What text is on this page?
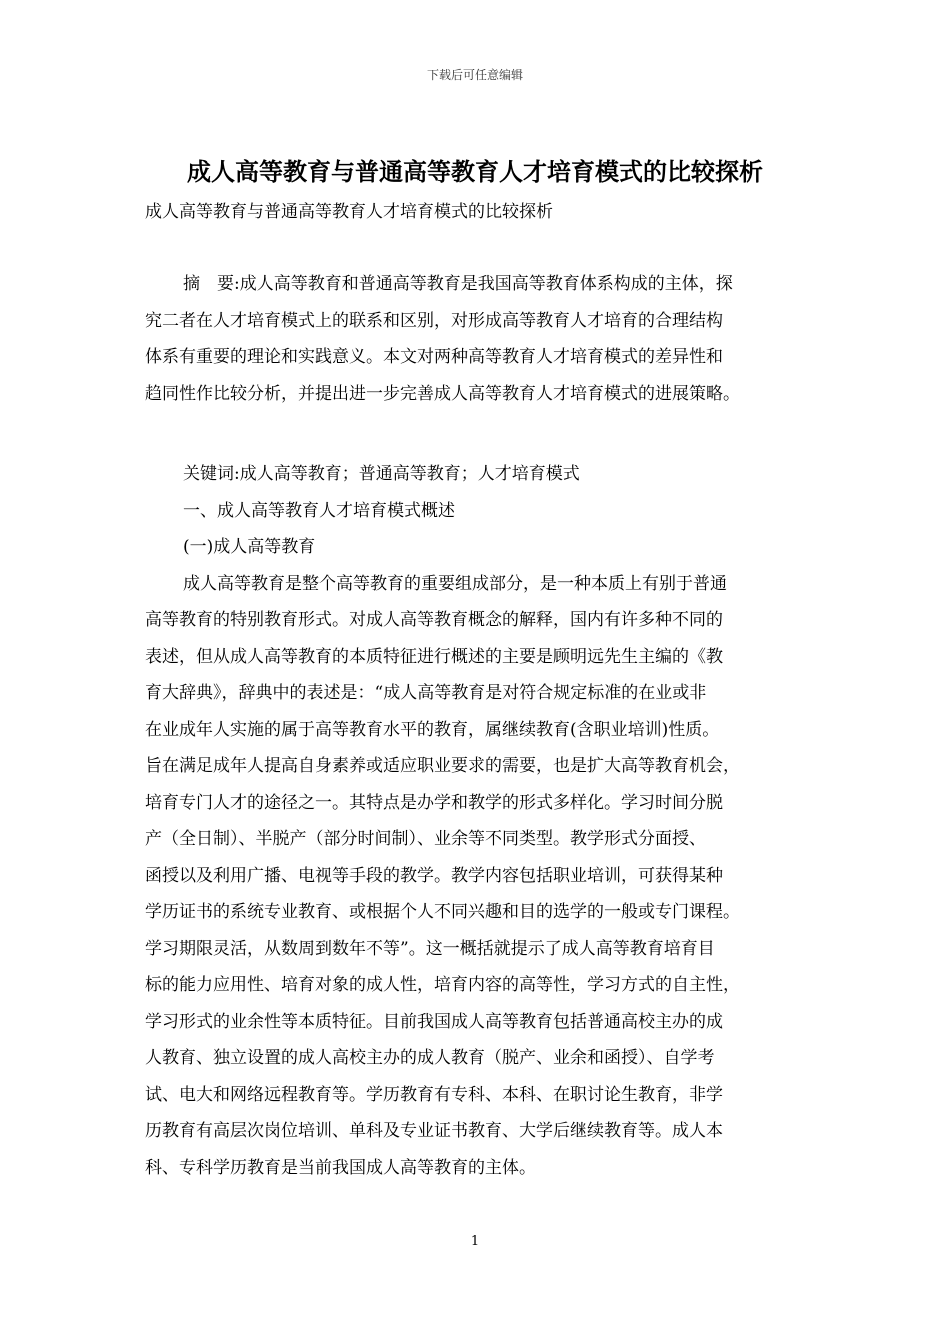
下载后可任意编辑
成人高等教育与普通高等教育人才培育模式的比较探析
成人高等教育与普通高等教育人才培育模式的比较探析
摘　要:成人高等教育和普通高等教育是我国高等教育体系构成的主体，探
究二者在人才培育模式上的联系和区别，对形成高等教育人才培育的合理结构
体系有重要的理论和实践意义。本文对两种高等教育人才培育模式的差异性和
趋同性作比较分析，并提出进一步完善成人高等教育人才培育模式的进展策略。
关键词:成人高等教育；普通高等教育；人才培育模式
一、成人高等教育人才培育模式概述
(一)成人高等教育
成人高等教育是整个高等教育的重要组成部分，是一种本质上有别于普通
高等教育的特别教育形式。对成人高等教育概念的解释，国内有许多种不同的
表述，但从成人高等教育的本质特征进行概述的主要是顾明远先生主编的《教
育大辞典》，辞典中的表述是：“成人高等教育是对符合规定标准的在业或非
在业成年人实施的属于高等教育水平的教育，属继续教育(含职业培训)性质。
旨在满足成年人提高自身素养或适应职业要求的需要，也是扩大高等教育机会，
培育专门人才的途径之一。其特点是办学和教学的形式多样化。学习时间分脱
产（全日制）、半脱产（部分时间制）、业余等不同类型。教学形式分面授、
函授以及利用广播、电视等手段的教学。教学内容包括职业培训，可获得某种
学历证书的系统专业教育、或根据个人不同兴趣和目的选学的一般或专门课程。
学习期限灵活，从数周到数年不等”。这一概括就提示了成人高等教育培育目
标的能力应用性、培育对象的成人性，培育内容的高等性，学习方式的自主性，
学习形式的业余性等本质特征。目前我国成人高等教育包括普通高校主办的成
人教育、独立设置的成人高校主办的成人教育（脱产、业余和函授）、自学考
试、电大和网络远程教育等。学历教育有专科、本科、在职讨论生教育，非学
历教育有高层次岗位培训、单科及专业证书教育、大学后继续教育等。成人本
科、专科学历教育是当前我国成人高等教育的主体。
1
